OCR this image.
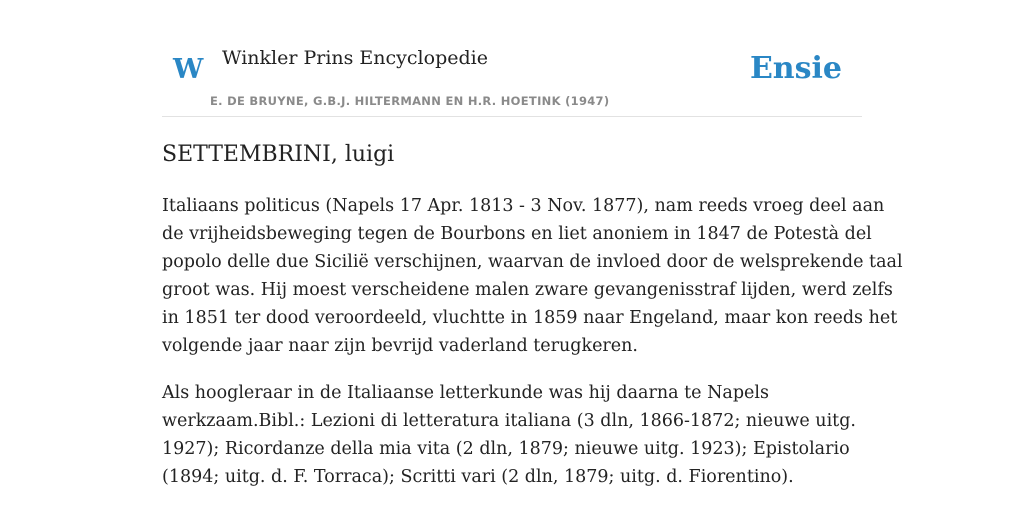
W Winkler Prins Encyclopedie
E. DE BRUYNE, G.B.J. HILTERMANN EN H.R. HOETINK (1947)
Ensie
SETTEMBRINI, luigi

Italiaans politicus (Napels 17 Apr. 1813 - 3 Nov. 1877), nam reeds vroeg deel aan
de vrijheidsbeweging tegen de Bourbons en liet anoniem in 1847 de Potestà del
popolo delle due Siciliё verschijnen, waarvan de invloed door de welsprekende taal
groot was. Hij moest verscheidene malen zware gevangenisstraf lijden, werd zelfs
in 1851 ter dood veroordeeld, vluchtte in 1859 naar Engeland, maar kon reeds het
volgende jaar naar zijn bevrijd vaderland terugkeren.

Als hoogleraar in de Italiaanse letterkunde was hij daarna te Napels
werkzaam.Bibl.: Lezioni di letteratura italiana (3 dln, 1866-1872; nieuwe uitg.
1927); Ricordanze della mia vita (2 dln, 1879; nieuwe uitg. 1923); Epistolario
(1894; uitg. d. F. Torraca); Scritti vari (2 dln, 1879; uitg. d. Fiorentino).
